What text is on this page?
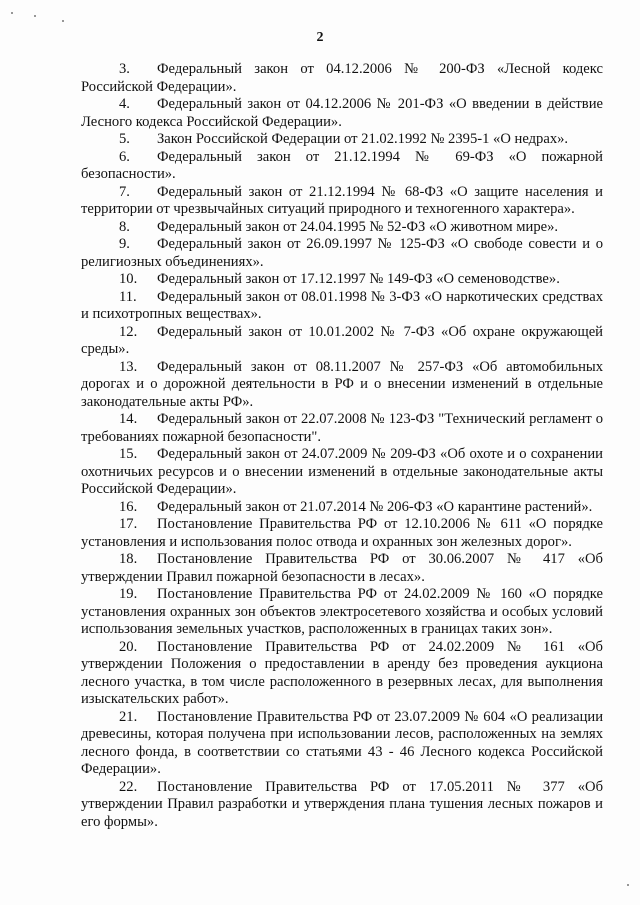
2

3. Федеральный закон от 04.12.2006 № 200-ФЗ «Лесной кодекс Российской Федерации».

4. Федеральный закон от 04.12.2006 № 201-ФЗ «О введении в действие Лесного кодекса Российской Федерации».

5. Закон Российской Федерации от 21.02.1992 № 2395-1 «О недрах».

6. Федеральный закон от 21.12.1994 № 69-ФЗ «О пожарной безопасности».

7. Федеральный закон от 21.12.1994 № 68-ФЗ «О защите населения и территории от чрезвычайных ситуаций природного и техногенного характера».

8. Федеральный закон от 24.04.1995 № 52-ФЗ «О животном мире».

9. Федеральный закон от 26.09.1997 № 125-ФЗ «О свободе совести и о религиозных объединениях».

10. Федеральный закон от 17.12.1997 № 149-ФЗ «О семеноводстве».

11. Федеральный закон от 08.01.1998 № 3-ФЗ «О наркотических средствах и психотропных веществах».

12. Федеральный закон от 10.01.2002 № 7-ФЗ «Об охране окружающей среды».

13. Федеральный закон от 08.11.2007 № 257-ФЗ «Об автомобильных дорогах и о дорожной деятельности в РФ и о внесении изменений в отдельные законодательные акты РФ».

14. Федеральный закон от 22.07.2008 № 123-ФЗ "Технический регламент о требованиях пожарной безопасности".

15. Федеральный закон от 24.07.2009 № 209-ФЗ «Об охоте и о сохранении охотничьих ресурсов и о внесении изменений в отдельные законодательные акты Российской Федерации».

16. Федеральный закон от 21.07.2014 № 206-ФЗ «О карантине растений».

17. Постановление Правительства РФ от 12.10.2006 № 611 «О порядке установления и использования полос отвода и охранных зон железных дорог».

18. Постановление Правительства РФ от 30.06.2007 № 417 «Об утверждении Правил пожарной безопасности в лесах».

19. Постановление Правительства РФ от 24.02.2009 № 160 «О порядке установления охранных зон объектов электросетевого хозяйства и особых условий использования земельных участков, расположенных в границах таких зон».

20. Постановление Правительства РФ от 24.02.2009 № 161 «Об утверждении Положения о предоставлении в аренду без проведения аукциона лесного участка, в том числе расположенного в резервных лесах, для выполнения изыскательских работ».

21. Постановление Правительства РФ от 23.07.2009 № 604 «О реализации древесины, которая получена при использовании лесов, расположенных на землях лесного фонда, в соответствии со статьями 43 - 46 Лесного кодекса Российской Федерации».

22. Постановление Правительства РФ от 17.05.2011 № 377 «Об утверждении Правил разработки и утверждения плана тушения лесных пожаров и его формы».
